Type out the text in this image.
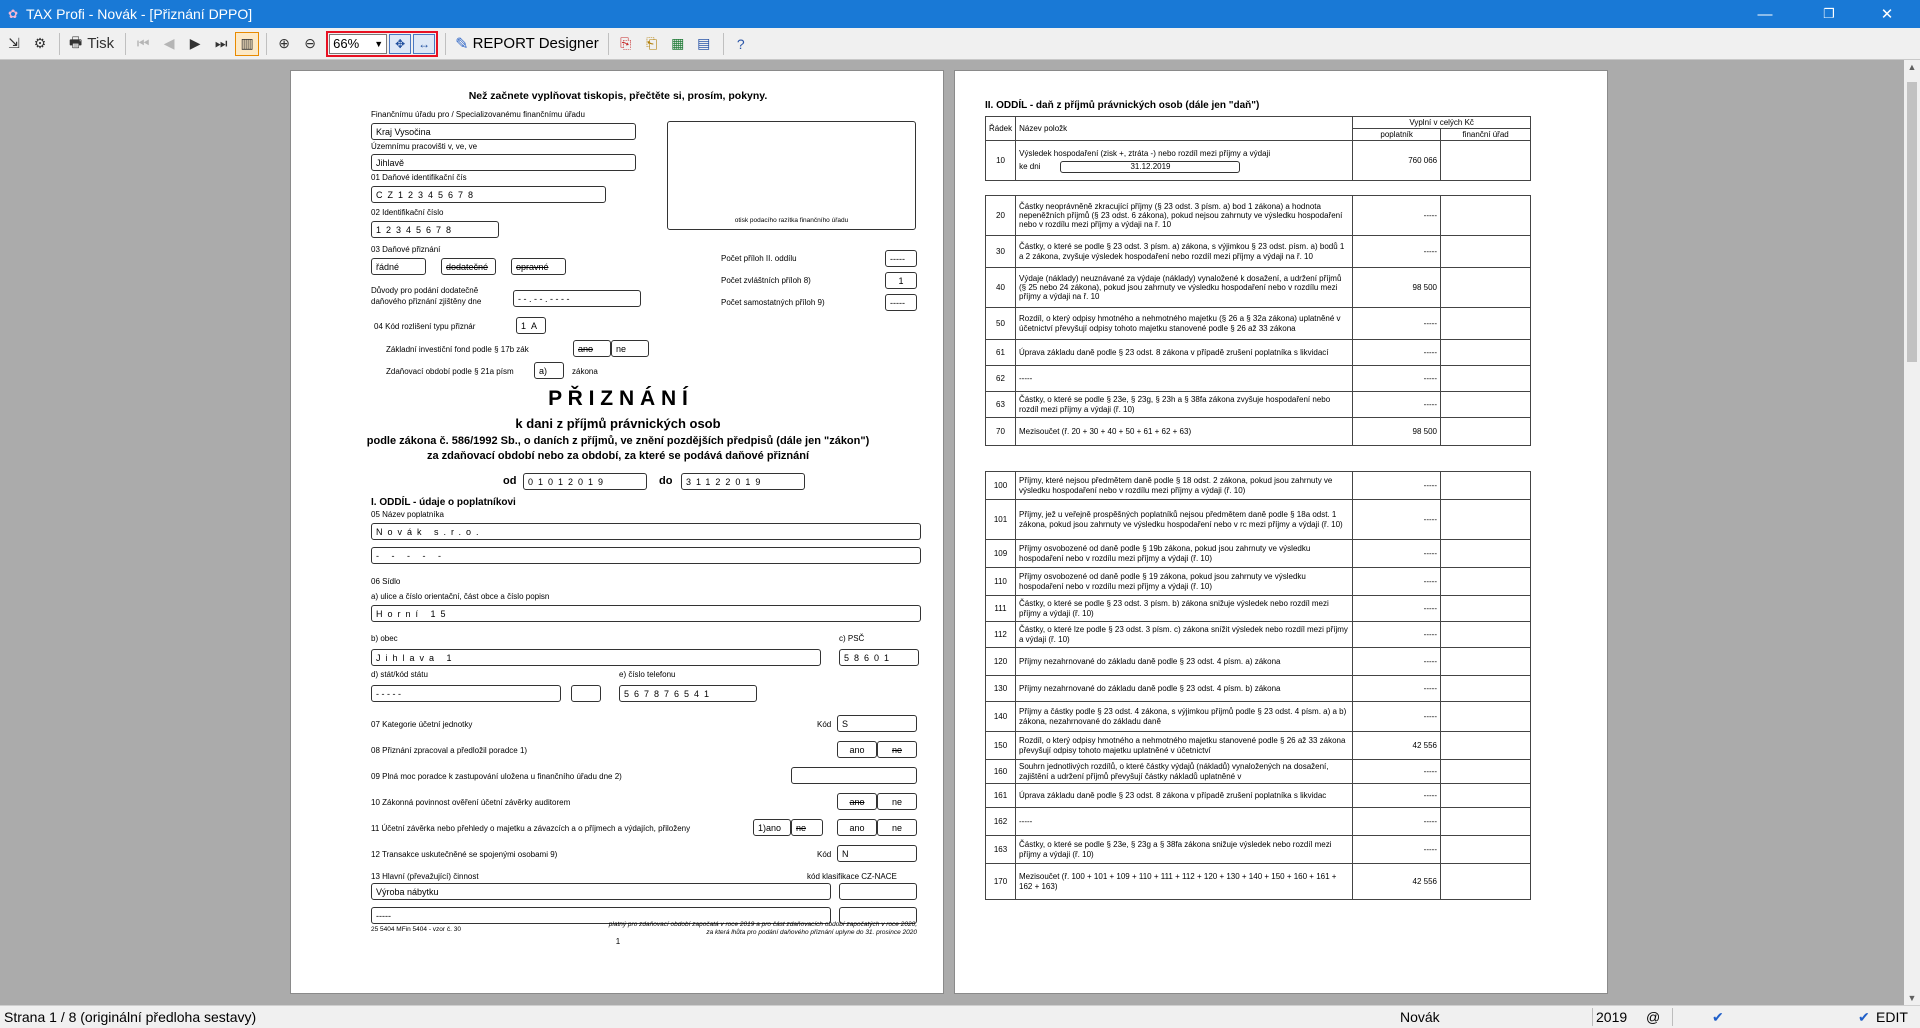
✿ TAX Profi - Novák - [Přiznání DPPO]	—	❐	✕
⇲ ⚙	🖶 Tisk	⏮	◀	▶	⏭ ▥	⊕	⊖	66% ▼ ✥	↔	✎ REPORT Designer	⎘	⎗ ▦ ▤	?
▲
▼
Než začnete vyplňovat tiskopis, přečtěte si, prosím, pokyny.
Finančnímu úřadu pro / Specializovanému finančnímu úřadu
Kraj Vysočina
Územnímu pracovišti v, ve, ve
Jihlavě
otisk podacího razítka finančního úřadu
01 Daňové identifikační čís
CZ12345678
02 Identifikační číslo
12345678
03 Daňové přiznání
řádné	dodatečné	opravné
Důvody pro podání dodatečně
daňového přiznání zjištěny dne	- - . - - . - - - -
Počet příloh II. oddílu	-----
Počet zvláštních příloh 8)	1
Počet samostatných příloh 9)	-----
04 Kód rozlišení typu přiznár	1A
Základní investiční fond podle § 17b zák	ano	ne
Zdaňovací období podle § 21a písm	a)	zákona
P Ř I Z N Á N Í
k dani z příjmů právnických osob
podle zákona č. 586/1992 Sb., o daních z příjmů, ve znění pozdějších předpisů (dále jen "zákon")
za zdaňovací období nebo za období, za které se podává daňové přiznání
od	01012019	do	31122019
I. ODDÍL - údaje o poplatníkovi
05 Název poplatníka
Novák s.r.o.
- - - - -
06 Sídlo
a) ulice a číslo orientační, část obce a číslo popisn
Horní 15
b) obec
Jihlava 1
c) PSČ
58601
d) stát/kód státu
- - - - -
e) číslo telefonu
567876541
07 Kategorie účetní jednotky	Kód	S
08 Přiznání zpracoval a předložil poradce 1)	ano	ne
09 Plná moc poradce k zastupování uložena u finančního úřadu dne 2)
10 Zákonná povinnost ověření účetní závěrky auditorem	ano	ne
11 Účetní závěrka nebo přehledy o majetku a závazcích a o příjmech a výdajích, přiloženy	1)ano	ne	ano	ne
12 Transakce uskutečněné se spojenými osobami 9)	Kód	N
13 Hlavní (převažující) činnost	kód klasifikace CZ-NACE
Výroba nábytku
-----
25 5404 MFin 5404 - vzor č. 30
platný pro zdaňovací období započatá v roce 2019 a pro část zdaňovacích období započatých v roce 2020,
za která lhůta pro podání daňového přiznání uplyne do 31. prosince 2020
1
II. ODDÍL - daň z příjmů právnických osob (dále jen "daň")
Řádek	Název položk	Vyplní v celých Kč	
		poplatník	finanční úřad
10	Výsledek hospodaření (zisk +, ztráta -) nebo rozdíl mezi příjmy a výdaji
ke dni 31.12.2019	760 066	
20	Částky neoprávněně zkracující příjmy (§ 23 odst. 3 písm. a) bod 1 zákona) a hodnota nepeněžních příjmů (§ 23 odst. 6 zákona), pokud nejsou zahrnuty ve výsledku hospodaření nebo v rozdílu mezi příjmy a výdaji na ř. 10	-----	
30	Částky, o které se podle § 23 odst. 3 písm. a) zákona, s výjimkou § 23 odst. písm. a) bodů 1 a 2 zákona, zvyšuje výsledek hospodaření nebo rozdíl mezi příjmy a výdaji na ř. 10	-----	
40	Výdaje (náklady) neuznávané za výdaje (náklady) vynaložené k dosažení, a udržení příjmů (§ 25 nebo 24 zákona), pokud jsou zahrnuty ve výsledku hospodaření nebo v rozdílu mezi příjmy a výdaji na ř. 10	98 500	
50	Rozdíl, o který odpisy hmotného a nehmotného majetku (§ 26 a § 32a zákona) uplatněné v účetnictví převyšují odpisy tohoto majetku stanovené podle § 26 až 33 zákona	-----	
61	Úprava základu daně podle § 23 odst. 8 zákona v případě zrušení poplatníka s likvidací	-----	
62	-----	-----	
63	Částky, o které se podle § 23e, § 23g, § 23h a § 38fa zákona zvyšuje hospodaření nebo rozdíl mezi příjmy a výdaji (ř. 10)	-----	
70	Mezisoučet (ř. 20 + 30 + 40 + 50 + 61 + 62 + 63)	98 500	
100	Příjmy, které nejsou předmětem daně podle § 18 odst. 2 zákona, pokud jsou zahrnuty ve výsledku hospodaření nebo v rozdílu mezi příjmy a výdaji (ř. 10)	-----	
101	Příjmy, jež u veřejně prospěšných poplatníků nejsou předmětem daně podle § 18a odst. 1 zákona, pokud jsou zahrnuty ve výsledku hospodaření nebo v rc mezi příjmy a výdaji (ř. 10)	-----	
109	Příjmy osvobozené od daně podle § 19b zákona, pokud jsou zahrnuty ve výsledku hospodaření nebo v rozdílu mezi příjmy a výdaji (ř. 10)	-----	
110	Příjmy osvobozené od daně podle § 19 zákona, pokud jsou zahrnuty ve výsledku hospodaření nebo v rozdílu mezi příjmy a výdaji (ř. 10)	-----	
111	Částky, o které se podle § 23 odst. 3 písm. b) zákona snižuje výsledek nebo rozdíl mezi příjmy a výdaji (ř. 10)	-----	
112	Částky, o které lze podle § 23 odst. 3 písm. c) zákona snížit výsledek nebo rozdíl mezi příjmy a výdaji (ř. 10)	-----	
120	Příjmy nezahrnované do základu daně podle § 23 odst. 4 písm. a) zákona	-----	
130	Příjmy nezahrnované do základu daně podle § 23 odst. 4 písm. b) zákona	-----	
140	Příjmy a částky podle § 23 odst. 4 zákona, s výjimkou příjmů podle § 23 odst. 4 písm. a) a b) zákona, nezahrnované do základu daně	-----	
150	Rozdíl, o který odpisy hmotného a nehmotného majetku stanovené podle § 26 až 33 zákona převyšují odpisy tohoto majetku uplatněné v účetnictví	42 556	
160	Souhrn jednotlivých rozdílů, o které částky výdajů (nákladů) vynaložených na dosažení, zajištění a udržení příjmů převyšují částky nákladů uplatněné v	-----	
161	Úprava základu daně podle § 23 odst. 8 zákona v případě zrušení poplatníka s likvidac	-----	
162	-----	-----	
163	Částky, o které se podle § 23e, § 23g a § 38fa zákona snižuje výsledek nebo rozdíl mezi příjmy a výdaji (ř. 10)	-----	
170	Mezisoučet (ř. 100 + 101 + 109 + 110 + 111 + 112 + 120 + 130 + 140 + 150 + 160 + 161 + 162 + 163)	42 556	
Strana 1 / 8 (originální předloha sestavy)	Novák	2019 @	✔	✔ EDIT
